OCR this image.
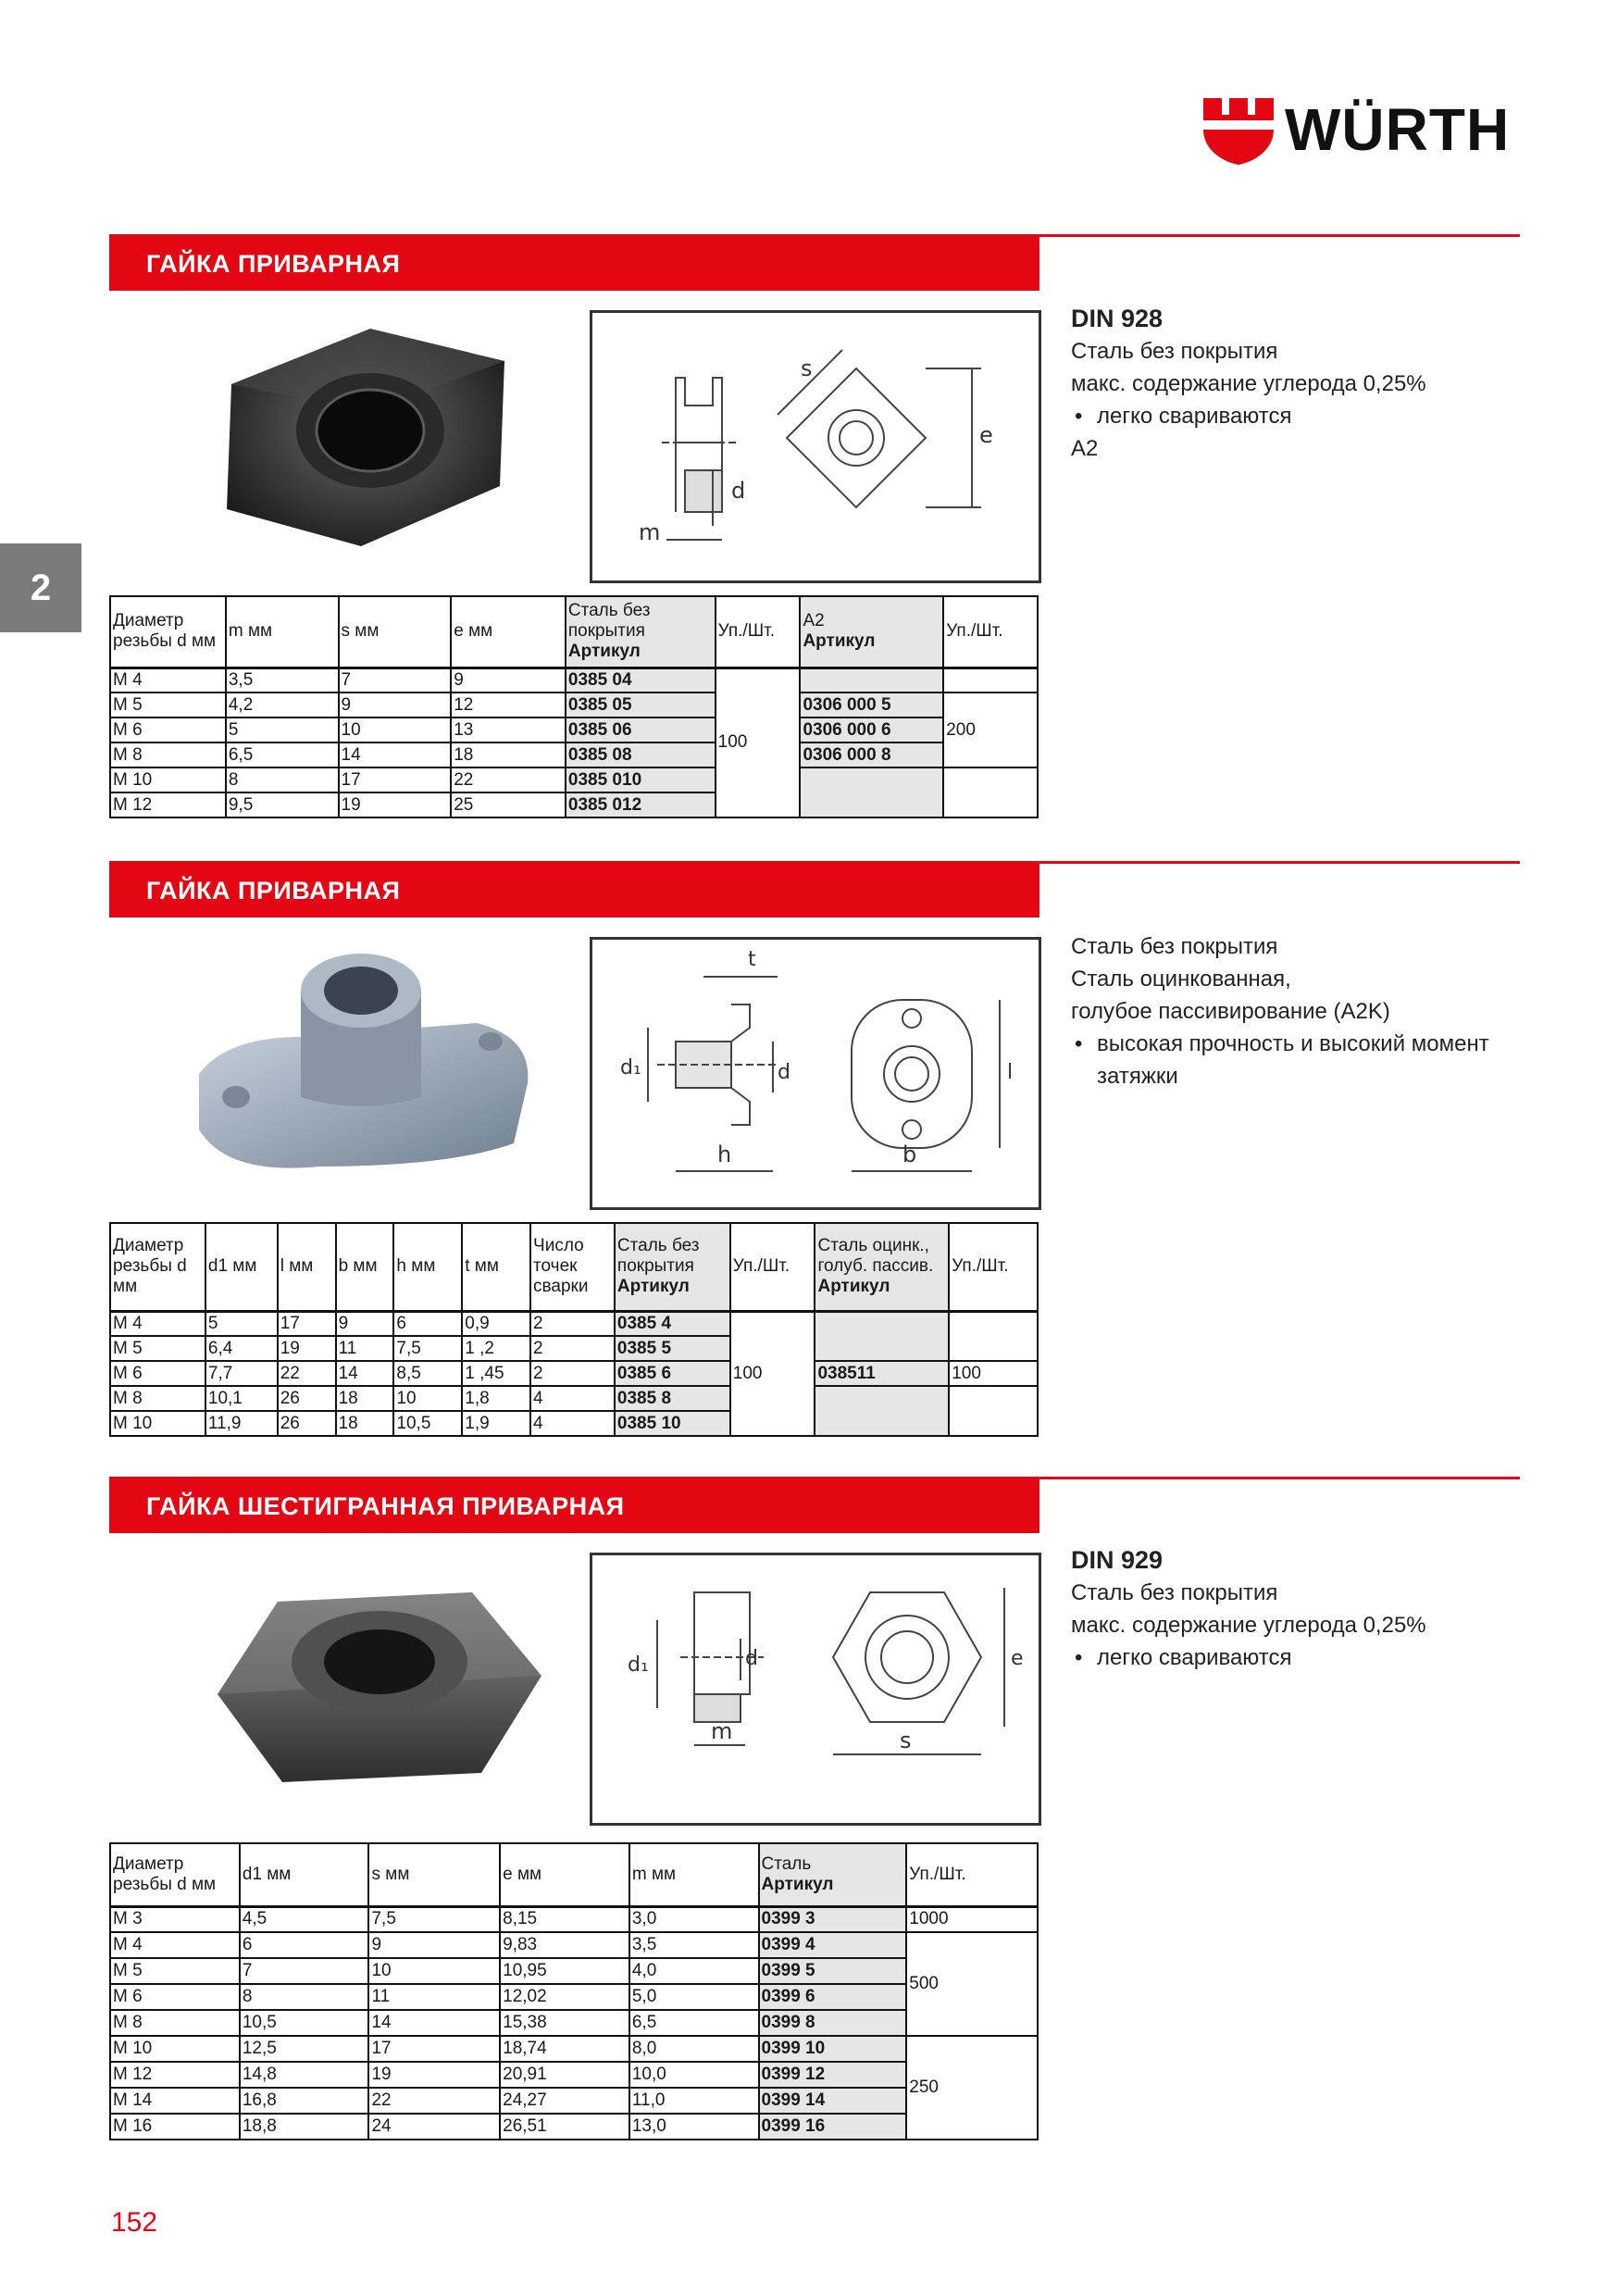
WÜRTH
2
ГАЙКА ПРИВАРНАЯ
s
e
d
m
DIN 928
Сталь без покрытия
макс. содержание углерода 0,25%
• легко свариваются
A2
Диаметр резьбы d мм	m мм	s мм	e мм	Сталь без покрытия
Артикул	Уп./Шт.	A2
Артикул	Уп./Шт.
M 4	3,5	7	9	0385 04	100		
M 5	4,2	9	12	0385 05		0306 000 5	200
M 6	5	10	13	0385 06		0306 000 6	
M 8	6,5	14	18	0385 08		0306 000 8	
M 10	8	17	22	0385 010			
M 12	9,5	19	25	0385 012			
ГАЙКА ПРИВАРНАЯ
t
d₁	d	l
h	b
Сталь без покрытия
Сталь оцинкованная,
голубое пассивирование (A2K)
• высокая прочность и высокий момент затяжки
Диаметр резьбы d мм	d1 мм	l мм	b мм	h мм	t мм	Число точек сварки	Сталь без покрытия
Артикул	Уп./Шт.	Сталь оцинк., голуб. пассив.
Артикул	Уп./Шт.
M 4	5	17	9	6	0,9	2	0385 4	100		
M 5	6,4	19	11	7,5	1 ,2	2	0385 5			
M 6	7,7	22	14	8,5	1 ,45	2	0385 6		038511	100
M 8	10,1	26	18	10	1,8	4	0385 8			
M 10	11,9	26	18	10,5	1,9	4	0385 10			
ГАЙКА ШЕСТИГРАННАЯ ПРИВАРНАЯ
d₁	d	e
m	s
DIN 929
Сталь без покрытия
макс. содержание углерода 0,25%
• легко свариваются
Диаметр резьбы d мм	d1 мм	s мм	e мм	m мм	Сталь
Артикул	Уп./Шт.
M 3	4,5	7,5	8,15	3,0	0399 3	1000
M 4	6	9	9,83	3,5	0399 4	500
M 5	7	10	10,95	4,0	0399 5	
M 6	8	11	12,02	5,0	0399 6	
M 8	10,5	14	15,38	6,5	0399 8	
M 10	12,5	17	18,74	8,0	0399 10	250
M 12	14,8	19	20,91	10,0	0399 12	
M 14	16,8	22	24,27	11,0	0399 14	
M 16	18,8	24	26,51	13,0	0399 16	
152
